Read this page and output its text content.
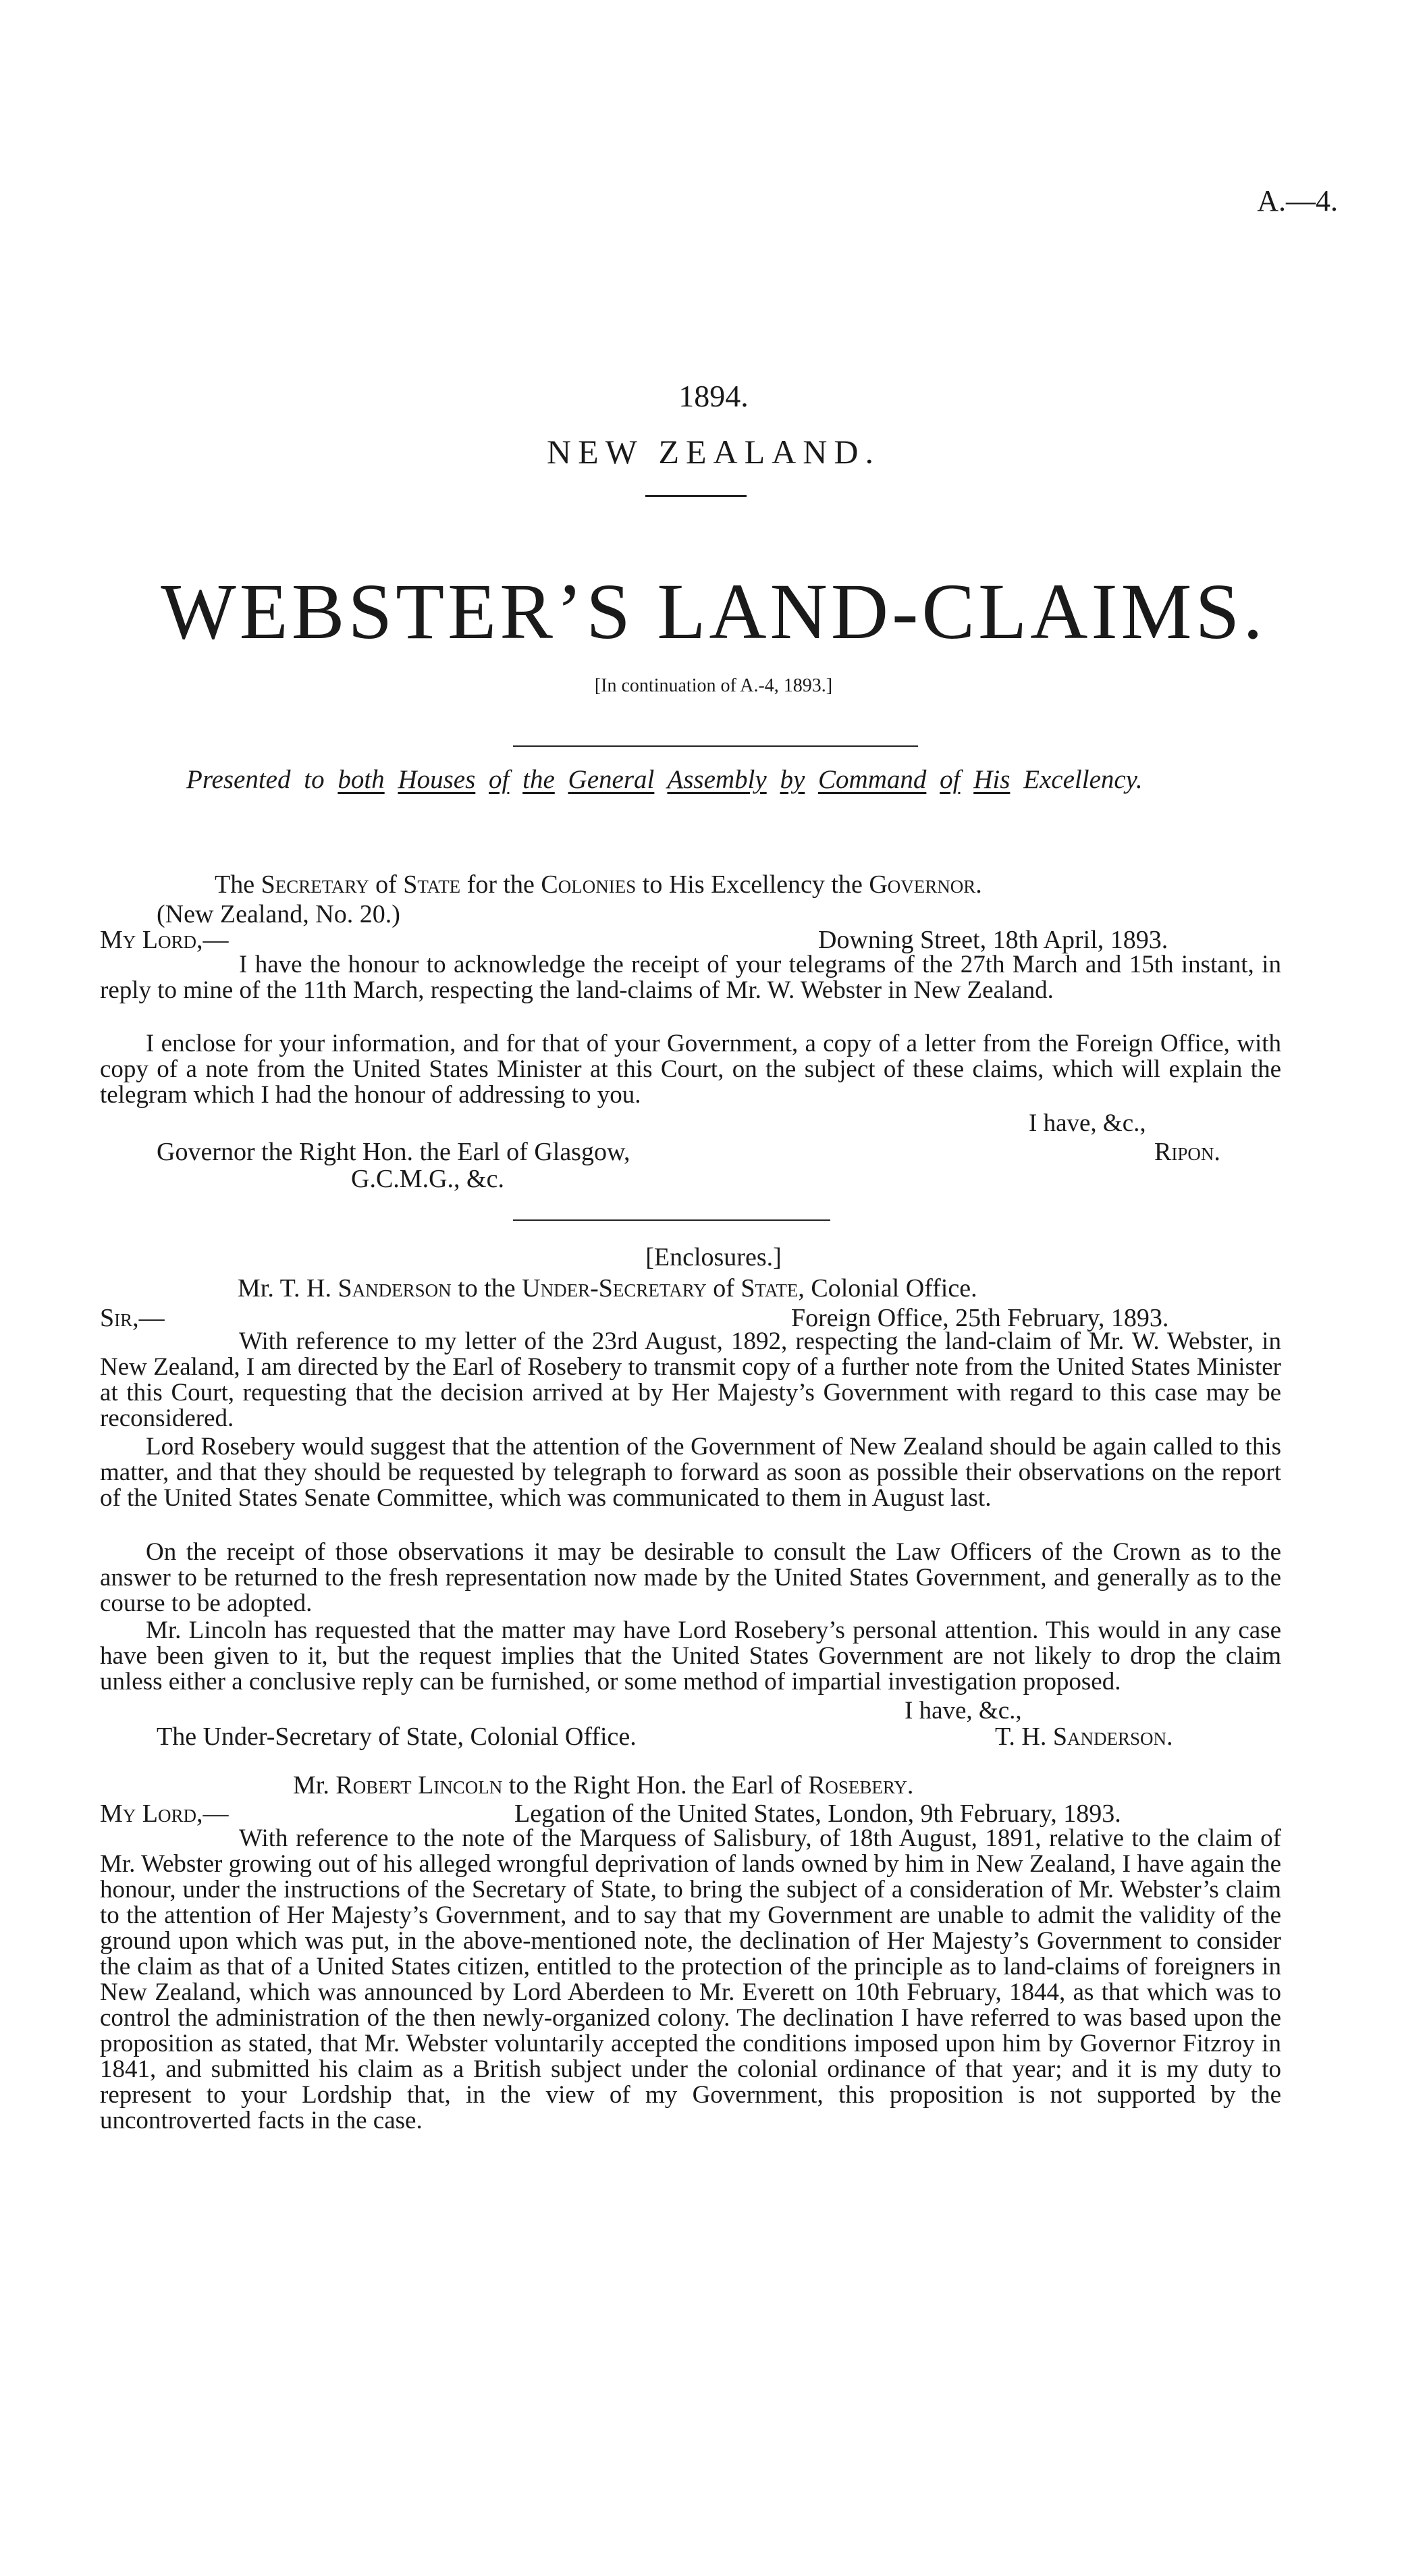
A.—4.
1894.
NEW ZEALAND.
WEBSTER’S LAND-CLAIMS.
[In continuation of A.-4, 1893.]
Presented to both Houses of the General Assembly by Command of His Excellency.
The Secretary of State for the Colonies to His Excellency the Governor.
(New Zealand, No. 20.)
My Lord,—	Downing Street, 18th April, 1893.
I have the honour to acknowledge the receipt of your telegrams of the 27th March and 15th instant, in reply to mine of the 11th March, respecting the land-claims of Mr. W. Webster in New Zealand.
I enclose for your information, and for that of your Government, a copy of a letter from the Foreign Office, with copy of a note from the United States Minister at this Court, on the subject of these claims, which will explain the telegram which I had the honour of addressing to you.
I have, &c.,
Governor the Right Hon. the Earl of Glasgow,	Ripon.
G.C.M.G., &c.
[Enclosures.]
Mr. T. H. Sanderson to the Under-Secretary of State, Colonial Office.
Sir,—	Foreign Office, 25th February, 1893.
With reference to my letter of the 23rd August, 1892, respecting the land-claim of Mr. W. Webster, in New Zealand, I am directed by the Earl of Rosebery to transmit copy of a further note from the United States Minister at this Court, requesting that the decision arrived at by Her Majesty’s Government with regard to this case may be reconsidered.
Lord Rosebery would suggest that the attention of the Government of New Zealand should be again called to this matter, and that they should be requested by telegraph to forward as soon as possible their observations on the report of the United States Senate Committee, which was communicated to them in August last.
On the receipt of those observations it may be desirable to consult the Law Officers of the Crown as to the answer to be returned to the fresh representation now made by the United States Government, and generally as to the course to be adopted.
Mr. Lincoln has requested that the matter may have Lord Rosebery’s personal attention. This would in any case have been given to it, but the request implies that the United States Government are not likely to drop the claim unless either a conclusive reply can be furnished, or some method of impartial investigation proposed.
I have, &c.,
The Under-Secretary of State, Colonial Office.	T. H. Sanderson.
Mr. Robert Lincoln to the Right Hon. the Earl of Rosebery.
My Lord,—	Legation of the United States, London, 9th February, 1893.
With reference to the note of the Marquess of Salisbury, of 18th August, 1891, relative to the claim of Mr. Webster growing out of his alleged wrongful deprivation of lands owned by him in New Zealand, I have again the honour, under the instructions of the Secretary of State, to bring the subject of a consideration of Mr. Webster’s claim to the attention of Her Majesty’s Government, and to say that my Government are unable to admit the validity of the ground upon which was put, in the above-mentioned note, the declination of Her Majesty’s Government to consider the claim as that of a United States citizen, entitled to the protection of the principle as to land-claims of foreigners in New Zealand, which was announced by Lord Aberdeen to Mr. Everett on 10th February, 1844, as that which was to control the administration of the then newly-organized colony. The declination I have referred to was based upon the proposition as stated, that Mr. Webster voluntarily accepted the conditions imposed upon him by Governor Fitzroy in 1841, and submitted his claim as a British subject under the colonial ordinance of that year; and it is my duty to represent to your Lordship that, in the view of my Government, this proposition is not supported by the uncontroverted facts in the case.
